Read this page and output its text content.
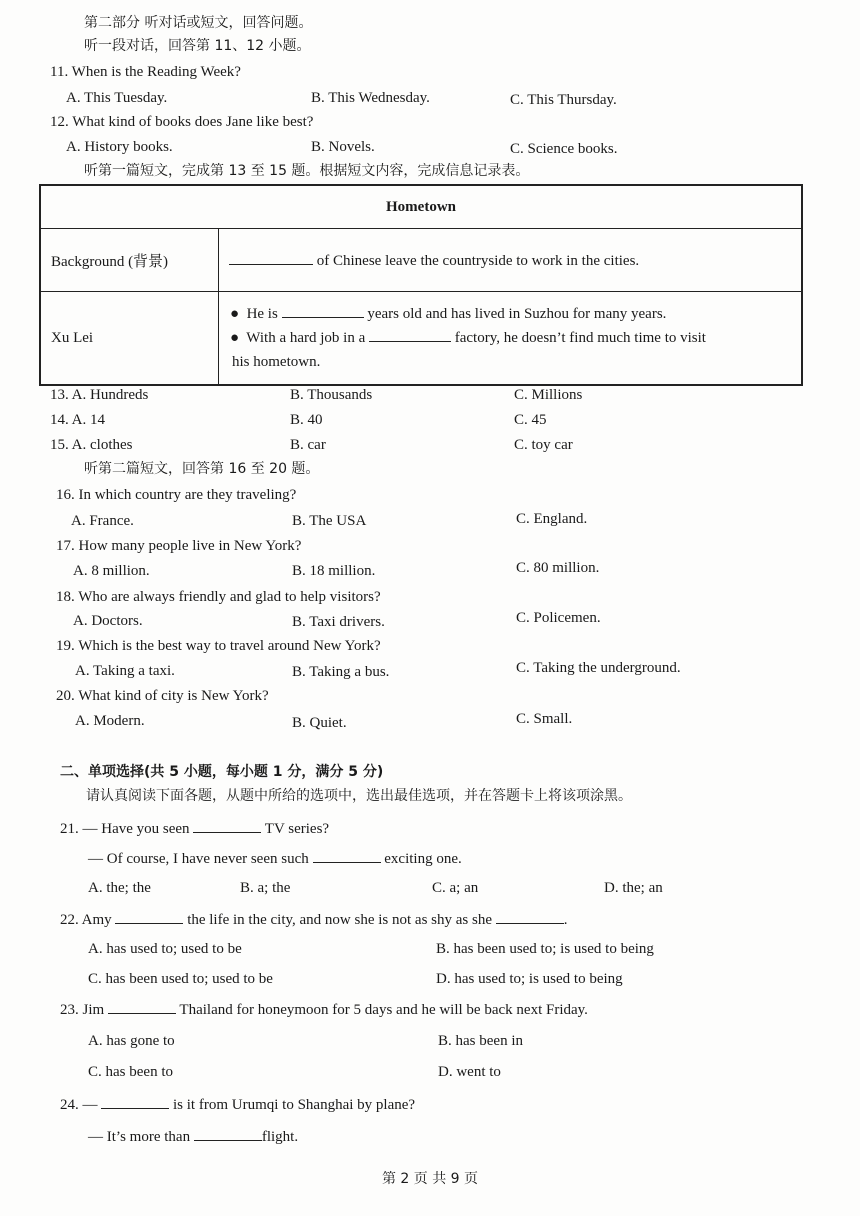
第二部分 听对话或短文，回答问题。
听一段对话，回答第 11、12 小题。
11. When is the Reading Week?
A. This Tuesday.	B. This Wednesday.	C. This Thursday.
12. What kind of books does Jane like best?
A. History books.	B. Novels.	C. Science books.
听第一篇短文，完成第 13 至 15 题。根据短文内容，完成信息记录表。
Hometown	
Background (背景)	of Chinese leave the countryside to work in the cities.
Xu Lei	● He is years old and has lived in Suzhou for many years.
● With a hard job in a factory, he doesn’t find much time to visit
his hometown.
13. A. Hundreds	B. Thousands	C. Millions
14. A. 14	B. 40	C. 45
15. A. clothes	B. car	C. toy car
听第二篇短文，回答第 16 至 20 题。
16. In which country are they traveling?
A. France.	B. The USA	C. England.
17. How many people live in New York?
A. 8 million.	B. 18 million.	C. 80 million.
18. Who are always friendly and glad to help visitors?
A. Doctors.	B. Taxi drivers.	C. Policemen.
19. Which is the best way to travel around New York?
A. Taking a taxi.	B. Taking a bus.	C. Taking the underground.
20. What kind of city is New York?
A. Modern.	B. Quiet.	C. Small.
二、单项选择(共 5 小题，每小题 1 分，满分 5 分)
请认真阅读下面各题，从题中所给的选项中，选出最佳选项，并在答题卡上将该项涂黑。
21. — Have you seen	TV series?
— Of course, I have never seen such	exciting one.
A. the; the	B. a; the	C. a; an	D. the; an
22. Amy	the life in the city, and now she is not as shy as she	.
A. has used to; used to be	B. has been used to; is used to being
C. has been used to; used to be	D. has used to; is used to being
23. Jim	Thailand for honeymoon for 5 days and he will be back next Friday.
A. has gone to	B. has been in
C. has been to	D. went to
24. —	is it from Urumqi to Shanghai by plane?
— It’s more than	flight.
第 2 页 共 9 页
